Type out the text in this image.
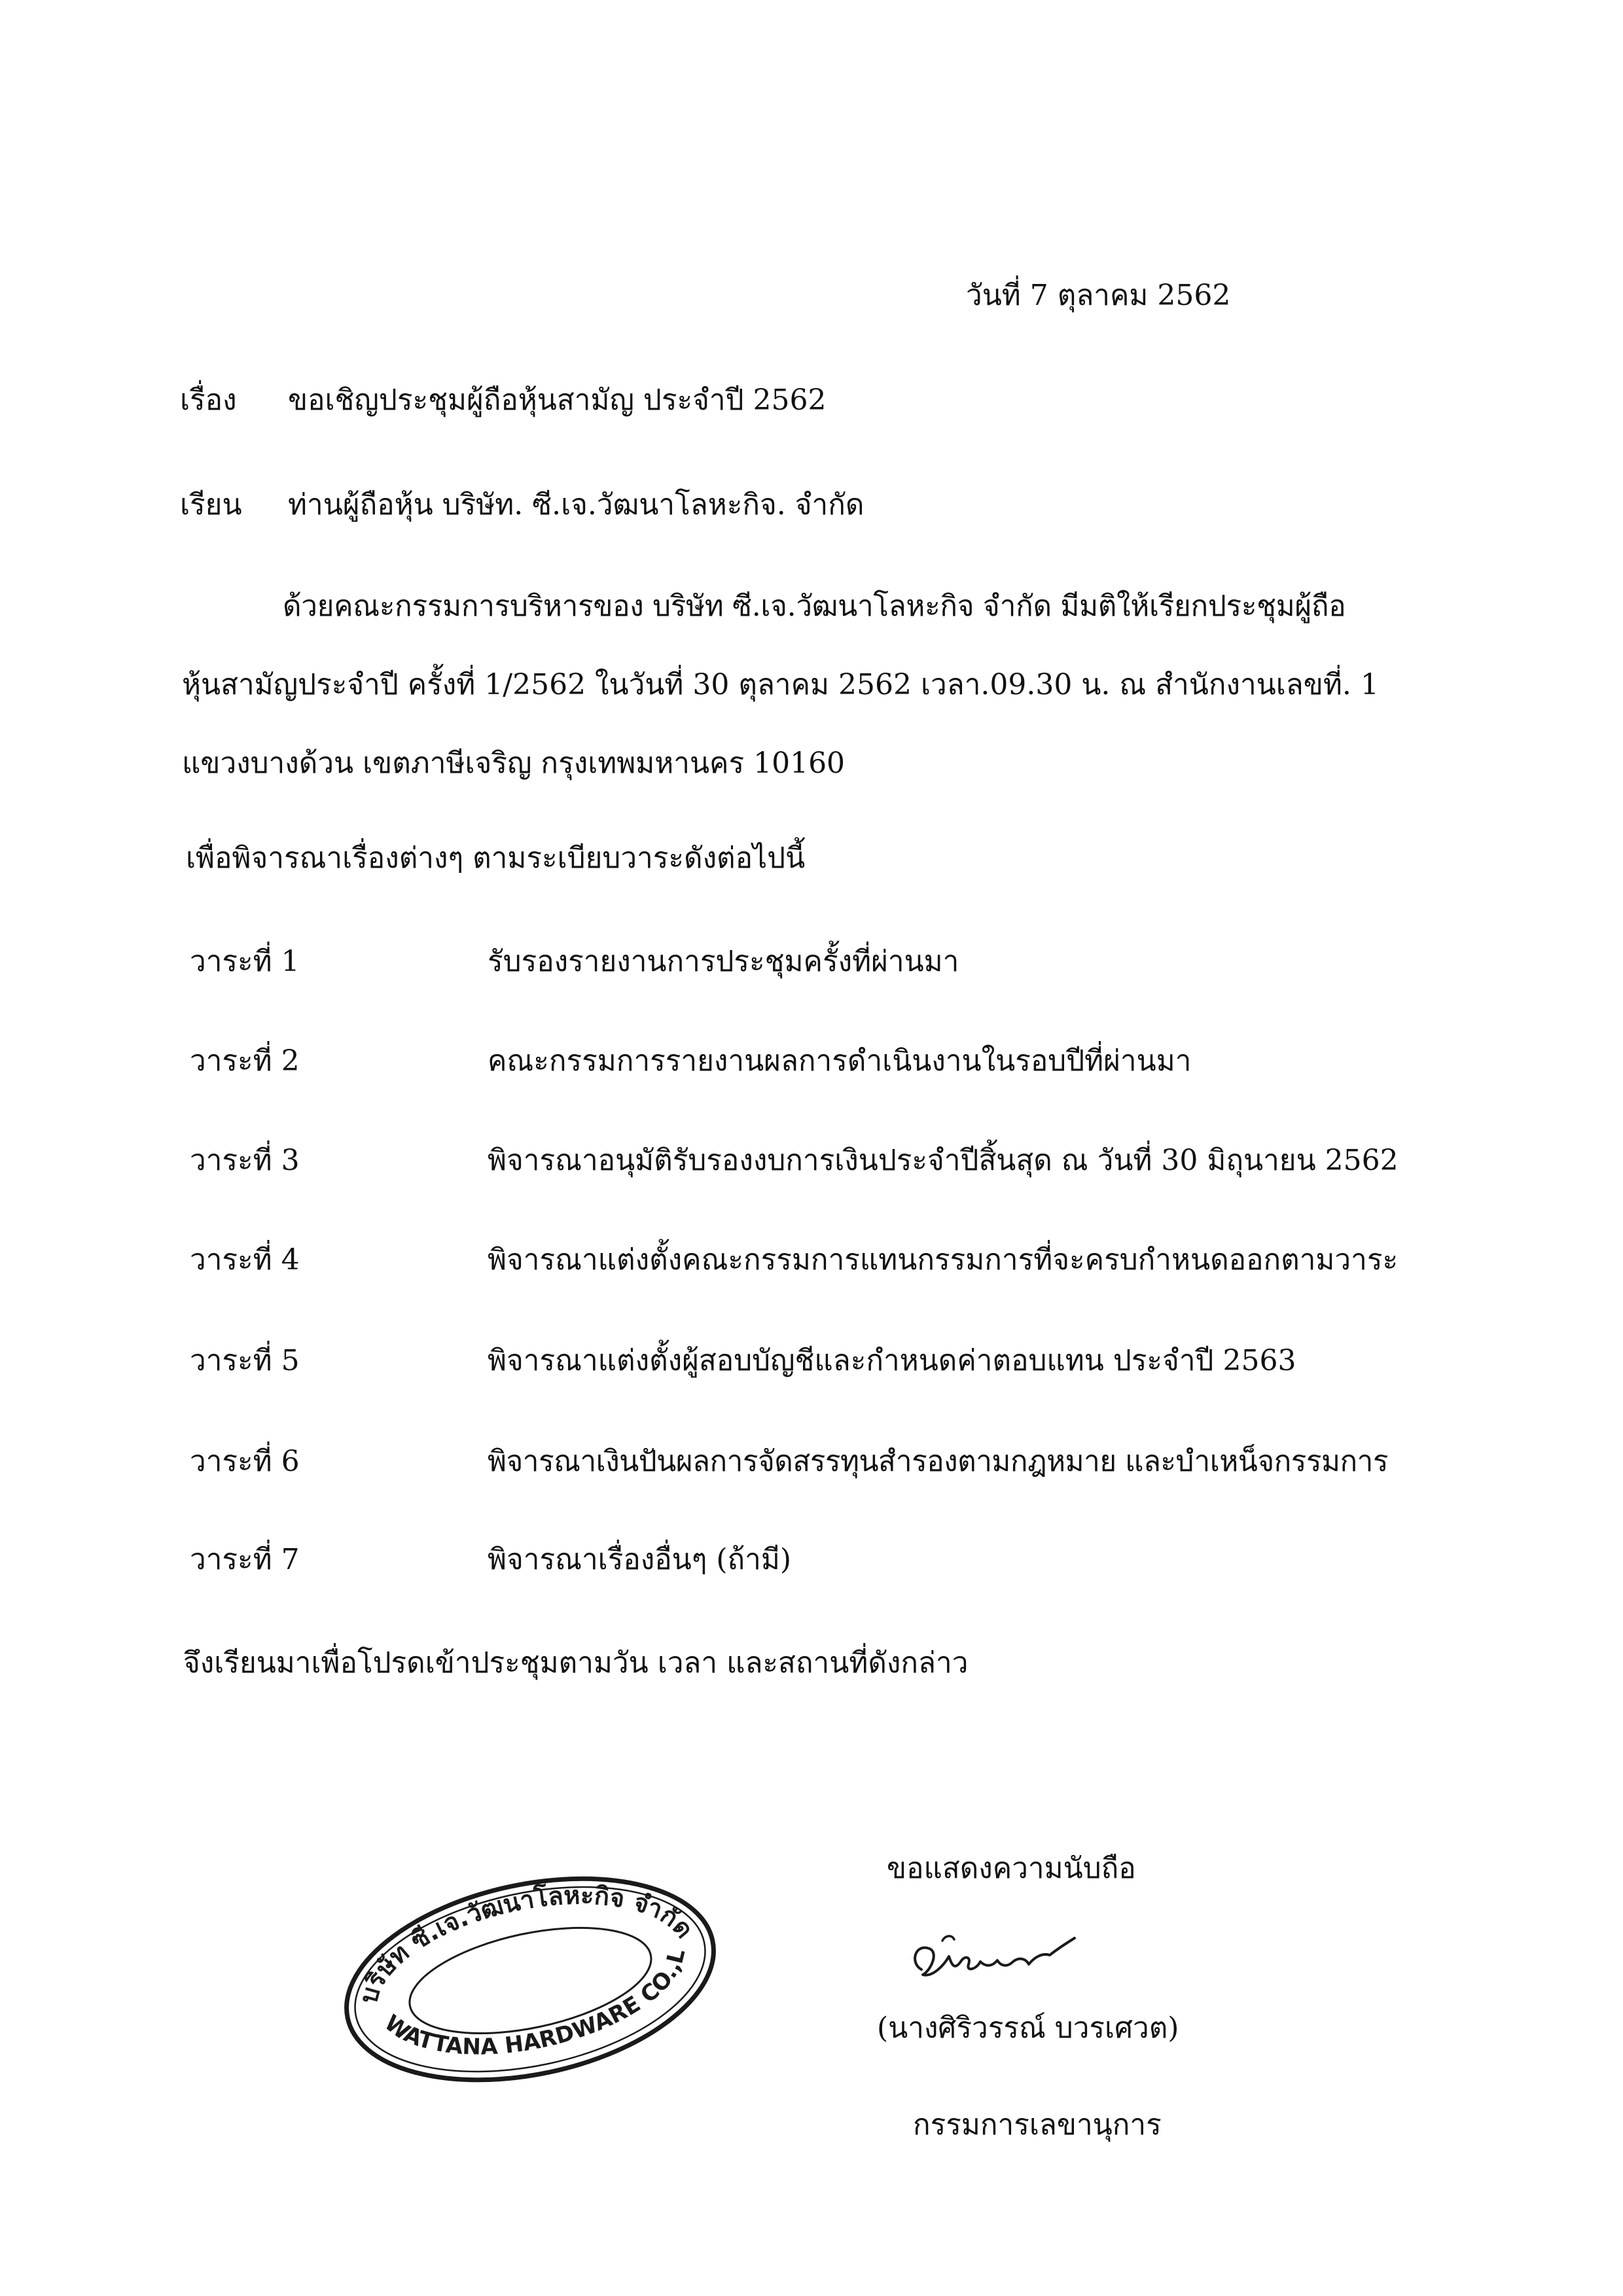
วันที่ 7 ตุลาคม 2562
เรื่อง ขอเชิญประชุมผู้ถือหุ้นสามัญ ประจำปี 2562
เรียน ท่านผู้ถือหุ้น บริษัท. ซี.เจ.วัฒนาโลหะกิจ. จำกัด
ด้วยคณะกรรมการบริหารของ บริษัท ซี.เจ.วัฒนาโลหะกิจ จำกัด มีมติให้เรียกประชุมผู้ถือ
หุ้นสามัญประจำปี ครั้งที่ 1/2562 ในวันที่ 30 ตุลาคม 2562 เวลา.09.30 น. ณ สำนักงานเลขที่. 1
แขวงบางด้วน เขตภาษีเจริญ กรุงเทพมหานคร 10160
เพื่อพิจารณาเรื่องต่างๆ ตามระเบียบวาระดังต่อไปนี้
วาระที่ 1	รับรองรายงานการประชุมครั้งที่ผ่านมา
วาระที่ 2	คณะกรรมการรายงานผลการดำเนินงานในรอบปีที่ผ่านมา
วาระที่ 3	พิจารณาอนุมัติรับรองงบการเงินประจำปีสิ้นสุด ณ วันที่ 30 มิถุนายน 2562
วาระที่ 4	พิจารณาแต่งตั้งคณะกรรมการแทนกรรมการที่จะครบกำหนดออกตามวาระ
วาระที่ 5	พิจารณาแต่งตั้งผู้สอบบัญชีและกำหนดค่าตอบแทน ประจำปี 2563
วาระที่ 6	พิจารณาเงินปันผลการจัดสรรทุนสำรองตามกฎหมาย และบำเหน็จกรรมการ
วาระที่ 7	พิจารณาเรื่องอื่นๆ (ถ้ามี)
จึงเรียนมาเพื่อโปรดเข้าประชุมตามวัน เวลา และสถานที่ดังกล่าว
ขอแสดงความนับถือ
(นางศิริวรรณ์ บวรเศวต)
กรรมการเลขานุการ
บริษัท ซี.เจ.วัฒนาโลหะกิจ จำกัด
WATTANA HARDWARE CO.,LTD.
